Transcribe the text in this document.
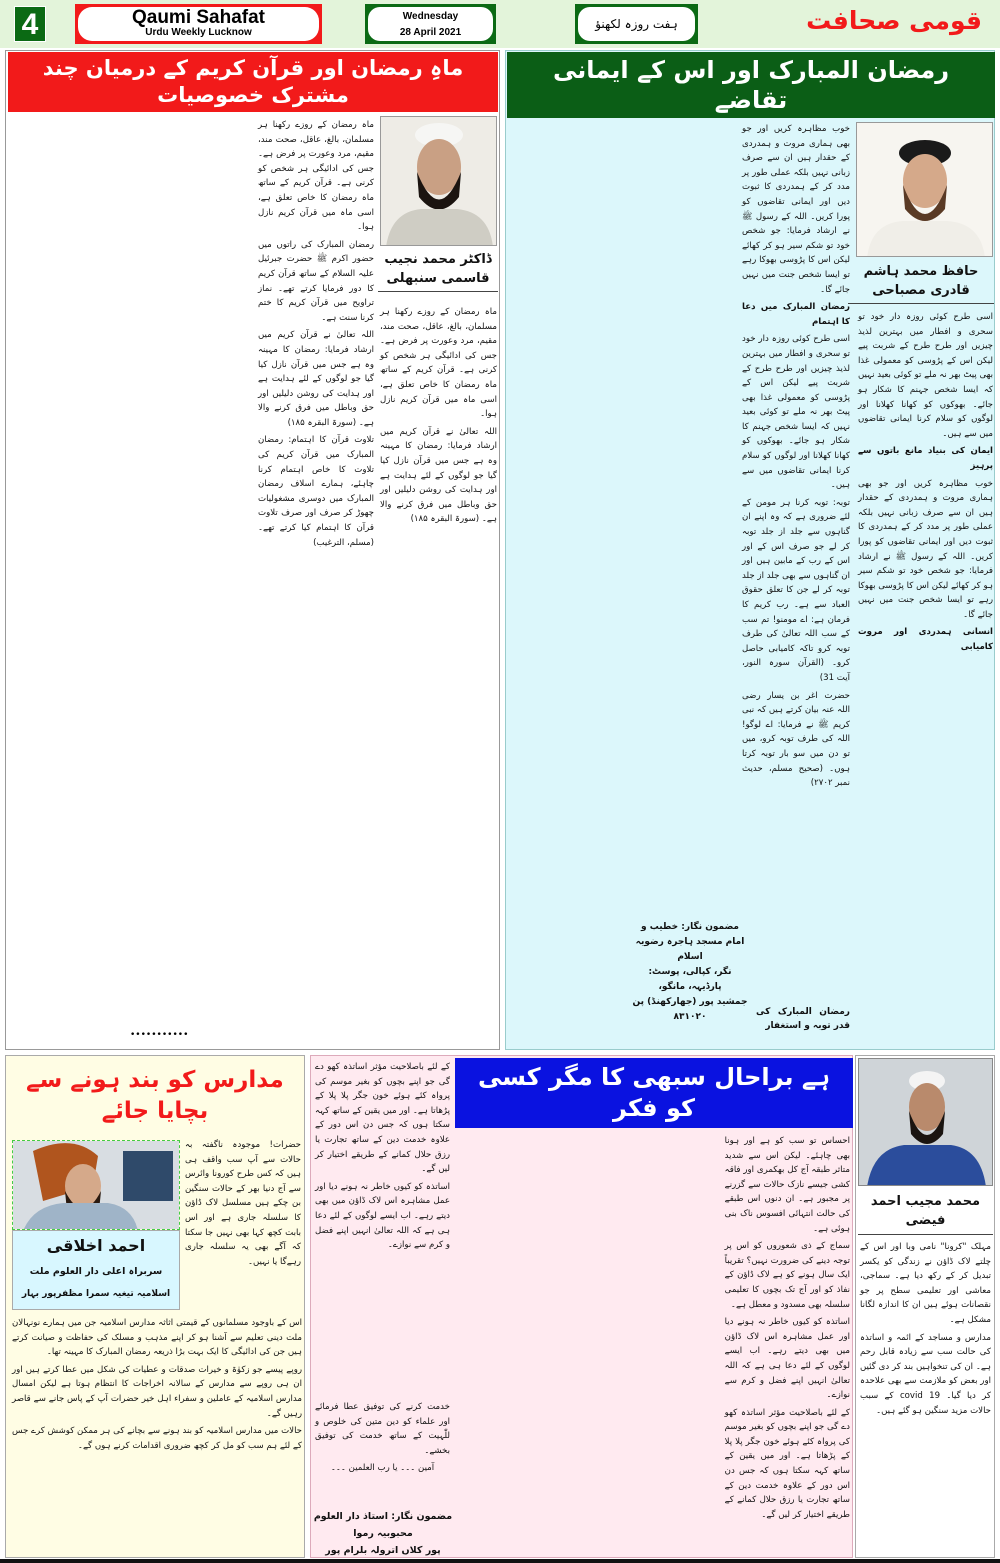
4	Qaumi Sahafat
Urdu Weekly Lucknow
Wednesday
28 April 2021
ہفت روزہ لکھنؤ	قومی صحافت
ماہِ رمضان اور قرآن کریم کے درمیان چند مشترک خصوصیات
ڈاکٹر محمد نجیب قاسمی سنبھلی

ماہ رمضان کے روزے رکھنا ہر مسلمان، بالغ، عاقل، صحت مند، مقیم، مرد وعورت پر فرض ہے۔ جس کی ادائیگی ہر شخص کو کرنی ہے۔ قرآن کریم کے ساتھ ماہ رمضان کا خاص تعلق ہے، اسی ماہ میں قرآن کریم نازل ہوا۔

رمضان المبارک کی راتوں میں حضور اکرم ﷺ حضرت جبرئیل علیہ السلام کے ساتھ قرآن کریم کا دور فرمایا کرتے تھے۔ نماز تراویح میں قرآن کریم کا ختم کرنا سنت ہے۔

اللہ تعالیٰ نے قرآن کریم میں ارشاد فرمایا: رمضان کا مہینہ وہ ہے جس میں قرآن نازل کیا گیا جو لوگوں کے لئے ہدایت ہے اور ہدایت کی روشن دلیلیں اور حق وباطل میں فرق کرنے والا ہے۔ (سورۃ البقرہ ۱۸۵)

تلاوت قرآن کا اہتمام: رمضان المبارک میں قرآن کریم کی تلاوت کا خاص اہتمام کرنا چاہئے، ہمارے اسلاف رمضان المبارک میں دوسری مشغولیات چھوڑ کر صرف اور صرف تلاوت قرآن کا اہتمام کیا کرتے تھے۔ (مسلم، الترغیب)

•••••••••••

ماہ رمضان کے روزے رکھنا ہر مسلمان، بالغ، عاقل، صحت مند، مقیم، مرد وعورت پر فرض ہے۔ جس کی ادائیگی ہر شخص کو کرنی ہے۔ قرآن کریم کے ساتھ ماہ رمضان کا خاص تعلق ہے، اسی ماہ میں قرآن کریم نازل ہوا۔

اللہ تعالیٰ نے قرآن کریم میں ارشاد فرمایا: رمضان کا مہینہ وہ ہے جس میں قرآن نازل کیا گیا جو لوگوں کے لئے ہدایت ہے اور ہدایت کی روشن دلیلیں اور حق وباطل میں فرق کرنے والا ہے۔ (سورۃ البقرہ ۱۸۵)

رمضان المبارک اور اس کے ایمانی تقاضے
حافظ محمد ہاشم قادری مصباحی

خوب مظاہرہ کریں اور جو بھی ہماری مروت و ہمدردی کے حقدار ہیں ان سے صرف زبانی نہیں بلکہ عملی طور پر مدد کر کے ہمدردی کا ثبوت دیں اور ایمانی تقاضوں کو پورا کریں۔ اللہ کے رسول ﷺ نے ارشاد فرمایا: جو شخص خود تو شکم سیر ہو کر کھائے لیکن اس کا پڑوسی بھوکا رہے تو ایسا شخص جنت میں نہیں جائے گا۔

رمضان المبارک میں دعا کا اہتمام

اسی طرح کوئی روزہ دار خود تو سحری و افطار میں بہترین لذیذ چیزیں اور طرح طرح کے شربت پیے لیکن اس کے پڑوسی کو معمولی غذا بھی پیٹ بھر نہ ملے تو کوئی بعید نہیں کہ ایسا شخص جہنم کا شکار ہو جائے۔ بھوکوں کو کھانا کھلانا اور لوگوں کو سلام کرنا ایمانی تقاضوں میں سے ہیں۔

توبہ: توبہ کرنا ہر مومن کے لئے ضروری ہے کہ وہ اپنے ان گناہوں سے جلد از جلد توبہ کر لے جو صرف اس کے اور اس کے رب کے مابین ہیں اور ان گناہوں سے بھی جلد از جلد توبہ کر لے جن کا تعلق حقوق العباد سے ہے۔ رب کریم کا فرمان ہے: اے مومنو! تم سب کے سب اللہ تعالیٰ کی طرف توبہ کرو تاکہ کامیابی حاصل کرو۔ (القرآن سورہ النور، آیت 31)

حضرت اغر بن یسار رضی اللہ عنہ بیان کرتے ہیں کہ نبی کریم ﷺ نے فرمایا: اے لوگو! اللہ کی طرف توبہ کرو، میں تو دن میں سو بار توبہ کرتا ہوں۔ (صحیح مسلم، حدیث نمبر ۲۷۰۲)

مضمون نگار: خطیب و امام مسجد ہاجرہ رضویہ اسلام
نگر، کپالی، پوسٹ: پارڈیہہ، مانگو،
جمشید پور (جھارکھنڈ) پن ۸۳۱۰۲۰	رمضان المبارک کی قدر توبہ و استغفار

اسی طرح کوئی روزہ دار خود تو سحری و افطار میں بہترین لذیذ چیزیں اور طرح طرح کے شربت پیے لیکن اس کے پڑوسی کو معمولی غذا بھی پیٹ بھر نہ ملے تو کوئی بعید نہیں کہ ایسا شخص جہنم کا شکار ہو جائے۔ بھوکوں کو کھانا کھلانا اور لوگوں کو سلام کرنا ایمانی تقاضوں میں سے ہیں۔

ایمان کی بنیاد مانع باتوں سے پرہیز

خوب مظاہرہ کریں اور جو بھی ہماری مروت و ہمدردی کے حقدار ہیں ان سے صرف زبانی نہیں بلکہ عملی طور پر مدد کر کے ہمدردی کا ثبوت دیں اور ایمانی تقاضوں کو پورا کریں۔ اللہ کے رسول ﷺ نے ارشاد فرمایا: جو شخص خود تو شکم سیر ہو کر کھائے لیکن اس کا پڑوسی بھوکا رہے تو ایسا شخص جنت میں نہیں جائے گا۔

انسانی ہمدردی اور مروت کامیابی

مدارس کو بند ہونے سے بچایا جائے
احمد اخلاقی
سربراہ اعلی دار العلوم ملت
اسلامیہ تیغیہ سمرا مظفرپور بہار

حضرات! موجودہ ناگفتہ بہ حالات سے آپ سب واقف ہی ہیں کہ کس طرح کورونا وائرس سے آج دنیا بھر کے حالات سنگین بن چکے ہیں مسلسل لاک ڈاؤن کا سلسلہ جاری ہے اور اس بابت کچھ کہا بھی نہیں جا سکتا کہ آگے بھی یہ سلسلہ جاری رہےگا یا نہیں۔

اس کے باوجود مسلمانوں کے قیمتی اثاثہ مدارس اسلامیہ جن میں ہمارے نونہالان ملت دینی تعلیم سے آشنا ہو کر اپنے مذہب و مسلک کی حفاظت و صیانت کرتے ہیں جن کی ادائیگی کا ایک بہت بڑا ذریعہ رمضان المبارک کا مہینہ تھا۔

روپے پیسے جو زکوٰۃ و خیرات صدقات و عطیات کی شکل میں عطا کرتے ہیں اور ان ہی روپے سے مدارس کے سالانہ اخراجات کا انتظام ہوتا ہے لیکن امسال مدارس اسلامیہ کے عاملین و سفراء اہل خیر حضرات آپ کے پاس جانے سے قاصر رہیں گے۔

حالات میں مدارس اسلامیہ کو بند ہونے سے بچانے کی ہر ممکن کوشش کرے جس کے لئے ہم سب کو مل کر کچھ ضروری اقدامات کرنے ہوں گے۔

ہے براحال سبھی کا مگر کسی کو فکر

کے لئے باصلاحیت مؤثر اساتذہ کھو دے گی جو اپنے بچوں کو بغیر موسم کی پرواہ کئے ہوئے خون جگر پلا پلا کے پڑھاتا ہے۔ اور میں یقین کے ساتھ کہہ سکتا ہوں کہ جس دن اس دور کے علاوہ خدمت دین کے ساتھ تجارت یا رزق حلال کمانے کے طریقے اختیار کر لیں گے۔

اساتذہ کو کیوں خاطر نہ ہونے دیا اور عمل مشاہرہ اس لاک ڈاؤن میں بھی دیتے رہے۔ اب ایسے لوگوں کے لئے دعا ہی ہے کہ اللہ تعالیٰ انہیں اپنے فضل و کرم سے نوازے۔

خدمت کرنے کی توفیق عطا فرمائے اور علماء کو دین متین کی خلوص و للّٰہیت کے ساتھ خدمت کی توفیق بخشے۔

آمین ۔۔۔ یا رب العلمین ۔۔۔

مضمون نگار: استاذ دار العلوم محبوبیہ رموا
پور کلاں اترولہ بلرام پور

احساس تو سب کو ہے اور ہونا بھی چاہئے۔ لیکن اس سے شدید متاثر طبقہ آج کل بھکمری اور فاقہ کشی جیسے نازک حالات سے گزرنے پر مجبور ہے۔ ان دنوں اس طبقے کی حالت انتہائی افسوس ناک بنی ہوئی ہے۔

سماج کے ذی شعوروں کو اس پر توجہ دینے کی ضرورت نہیں؟ تقریباً ایک سال ہونے کو ہے لاک ڈاؤن کے نفاذ کو اور آج تک بچوں کا تعلیمی سلسلہ بھی مسدود و معطل ہے۔

اساتذہ کو کیوں خاطر نہ ہونے دیا اور عمل مشاہرہ اس لاک ڈاؤن میں بھی دیتے رہے۔ اب ایسے لوگوں کے لئے دعا ہی ہے کہ اللہ تعالیٰ انہیں اپنے فضل و کرم سے نوازے۔

کے لئے باصلاحیت مؤثر اساتذہ کھو دے گی جو اپنے بچوں کو بغیر موسم کی پرواہ کئے ہوئے خون جگر پلا پلا کے پڑھاتا ہے۔ اور میں یقین کے ساتھ کہہ سکتا ہوں کہ جس دن اس دور کے علاوہ خدمت دین کے ساتھ تجارت یا رزق حلال کمانے کے طریقے اختیار کر لیں گے۔

محمد مجیب احمد فیضی

مہلک "کرونا" نامی وبا اور اس کے چلتے لاک ڈاؤن نے زندگی کو یکسر تبدیل کر کے رکھ دیا ہے۔ سماجی، معاشی اور تعلیمی سطح پر جو نقصانات ہوئے ہیں ان کا اندازہ لگانا مشکل ہے۔

مدارس و مساجد کے ائمہ و اساتذہ کی حالت سب سے زیادہ قابل رحم ہے۔ ان کی تنخواہیں بند کر دی گئیں اور بعض کو ملازمت سے بھی علاحدہ کر دیا گیا۔ covid 19 کے سبب حالات مزید سنگین ہو گئے ہیں۔
